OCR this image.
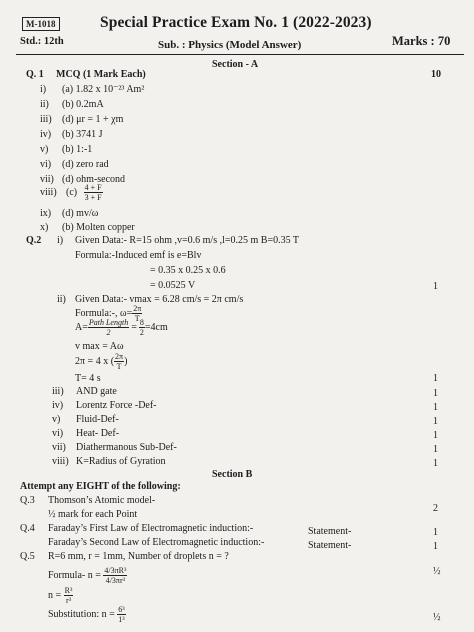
M-1018
Std.: 12th
Special Practice Exam No. 1 (2022-2023)
Sub. : Physics (Model Answer)	Marks : 70
Section - A
Q. 1 MCQ (1 Mark Each)	10
i) (a) 1.82 x 10⁻²³ Am²
ii) (b) 0.2mA
iii) (d) μr = 1 + χm
iv) (b) 3741 J
v) (b) 1:-1
vi) (d) zero rad
vii) (d) ohm-second
viii) $(c) \frac{4 + F}{3 + F}$
ix) (d) mv/ω
x) (b) Molten copper
Q.2 i) Given Data:- R=15 ohm ,v=0.6 m/s ,l=0.25 m B=0.35 T
Formula:-Induced emf is e=Blv
= 0.35 x 0.25 x 0.6
= 0.0525 V	1
ii) Given Data:- vmax = 6.28 cm/s = 2π cm/s
Formula:-, $\omega= \frac{2\pi}{T}$
$A= \frac{\text{Path Length}}{2} = \frac{8}{2} =4cm$
v max = Aω
2π = 4 x ( $\frac{2\pi}{T}$ )
T= 4 s	1
iii) AND gate	1
iv) Lorentz Force -Def-	1
v) Fluid-Def-	1
vi) Heat- Def-	1
vii) Diathermanous Sub-Def-	1
viii) K=Radius of Gyration	1
Section B
Attempt any EIGHT of the following:
Q.3 Thomson’s Atomic model-
½ mark for each Point
2
Q.4 Faraday’s First Law of Electromagnetic induction:-	Statement-	1
Faraday’s Second Law of Electromagnetic induction:-	Statement-	1
Q.5 R=6 mm, r = 1mm, Number of droplets n = ?
Formula- $n = \frac{\text{4/3πR³}}{\text{4/3πr³}}$	½
$n = \frac{\text{R³}}{\text{r³}}$
Substitution: $n = \frac{\text{6³}}{\text{1³}}$	½
